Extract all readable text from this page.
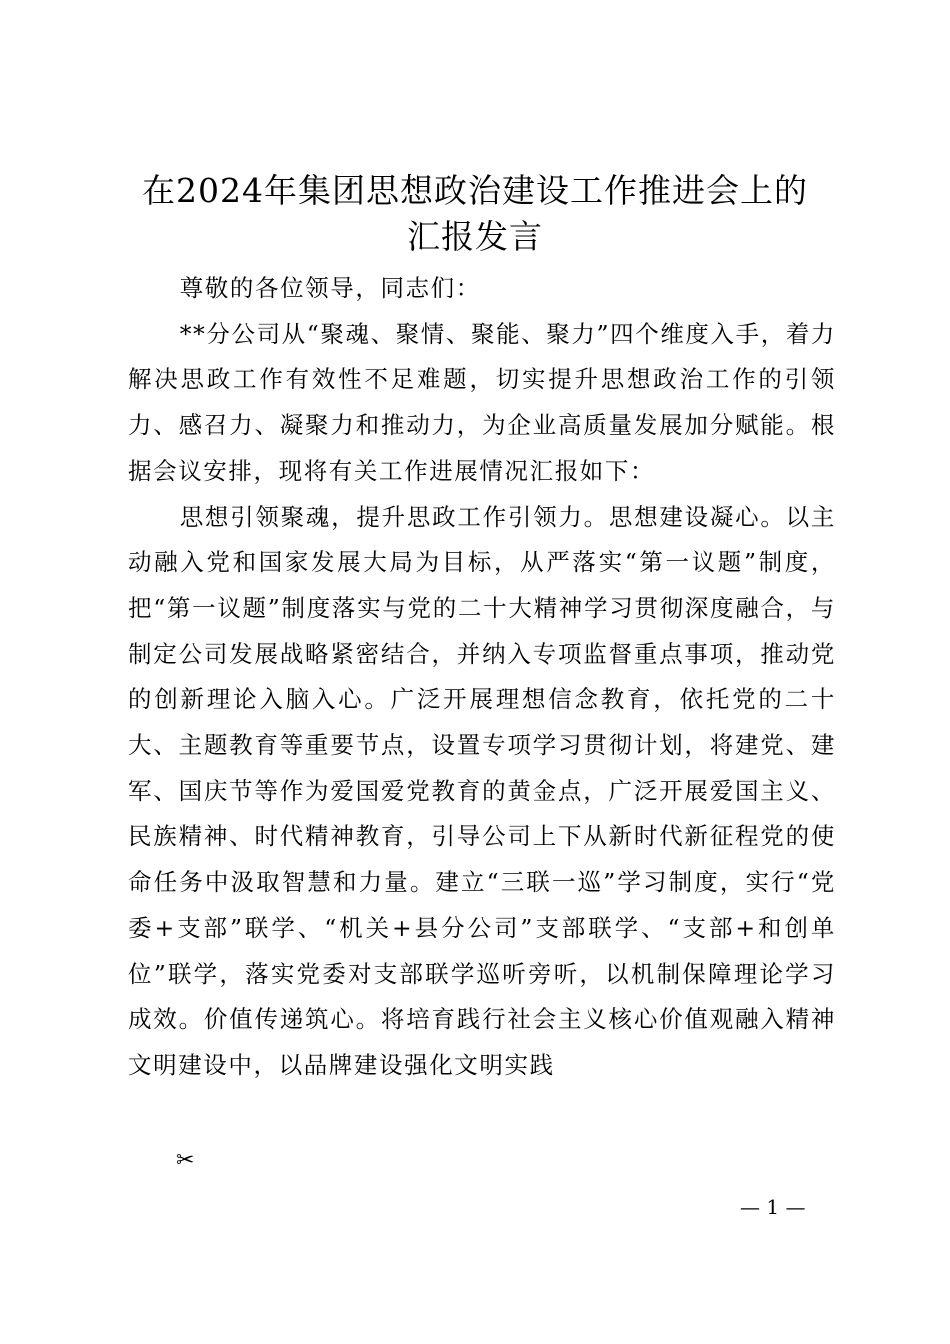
在2024年集团思想政治建设工作推进会上的
汇报发言

尊敬的各位领导，同志们：

**分公司从“聚魂、聚情、聚能、聚力”四个维度入手，着力解决思政工作有效性不足难题，切实提升思想政治工作的引领力、感召力、凝聚力和推动力，为企业高质量发展加分赋能。根据会议安排，现将有关工作进展情况汇报如下：

思想引领聚魂，提升思政工作引领力。思想建设凝心。以主动融入党和国家发展大局为目标，从严落实“第一议题”制度，把“第一议题”制度落实与党的二十大精神学习贯彻深度融合，与制定公司发展战略紧密结合，并纳入专项监督重点事项，推动党的创新理论入脑入心。广泛开展理想信念教育，依托党的二十大、主题教育等重要节点，设置专项学习贯彻计划，将建党、建军、国庆节等作为爱国爱党教育的黄金点，广泛开展爱国主义、民族精神、时代精神教育，引导公司上下从新时代新征程党的使命任务中汲取智慧和力量。建立“三联一巡”学习制度，实行“党委+支部”联学、“机关+县分公司”支部联学、“支部+和创单位”联学，落实党委对支部联学巡听旁听，以机制保障理论学习成效。价值传递筑心。将培育践行社会主义核心价值观融入精神文明建设中，以品牌建设强化文明实践

✂
— 1 —
